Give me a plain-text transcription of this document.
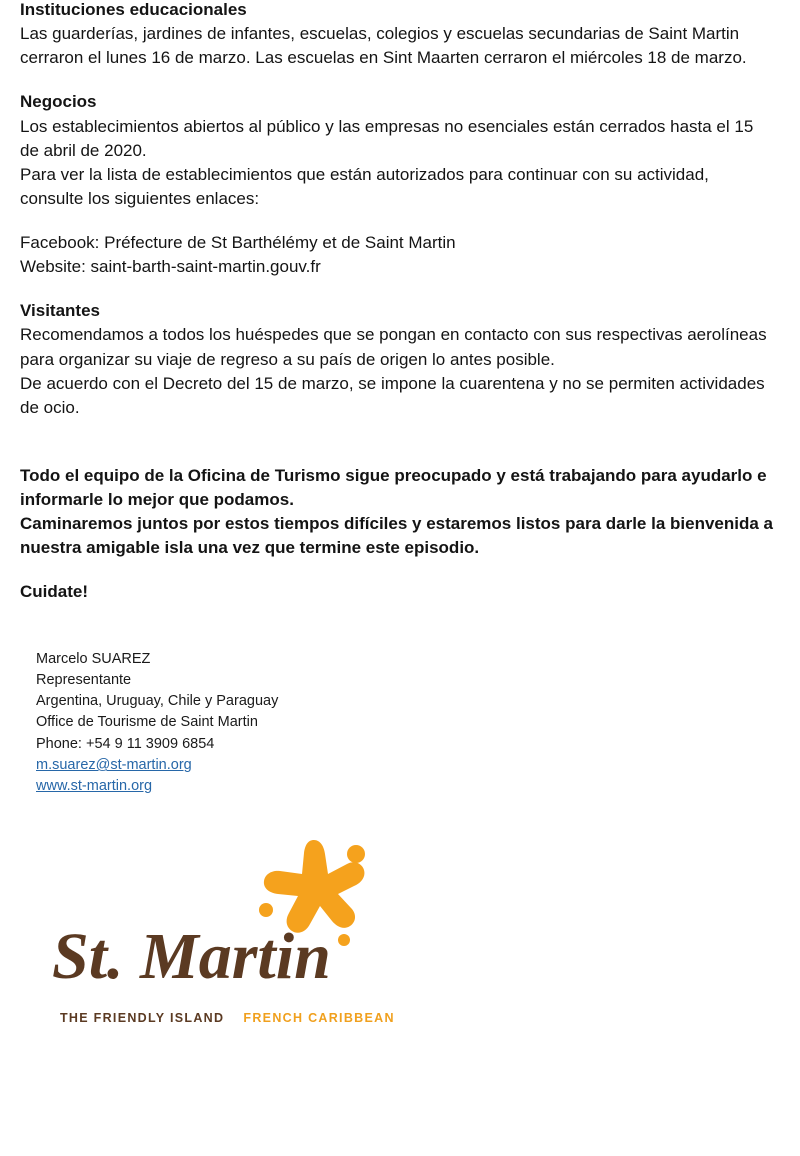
Instituciones educacionales

Las guarderías, jardines de infantes, escuelas, colegios y escuelas secundarias de Saint Martin cerraron el lunes 16 de marzo. Las escuelas en Sint Maarten cerraron el miércoles 18 de marzo.

Negocios

Los establecimientos abiertos al público y las empresas no esenciales están cerrados hasta el 15 de abril de 2020.

Para ver la lista de establecimientos que están autorizados para continuar con su actividad, consulte los siguientes enlaces:

Facebook: Préfecture de St Barthélémy et de Saint Martin

Website: saint-barth-saint-martin.gouv.fr

Visitantes

Recomendamos a todos los huéspedes que se pongan en contacto con sus respectivas aerolíneas para organizar su viaje de regreso a su país de origen lo antes posible.

De acuerdo con el Decreto del 15 de marzo, se impone la cuarentena y no se permiten actividades de ocio.

Todo el equipo de la Oficina de Turismo sigue preocupado y está trabajando para ayudarlo e informarle lo mejor que podamos.

Caminaremos juntos por estos tiempos difíciles y estaremos listos para darle la bienvenida a nuestra amigable isla una vez que termine este episodio.

Cuidate!

Marcelo SUAREZ
Representante
Argentina, Uruguay, Chile y Paraguay
Office de Tourisme de Saint Martin
Phone: +54 9 11 3909 6854
m.suarez@st-martin.org
www.st-martin.org
St. Martin
THE FRIENDLY ISLAND FRENCH CARIBBEAN
